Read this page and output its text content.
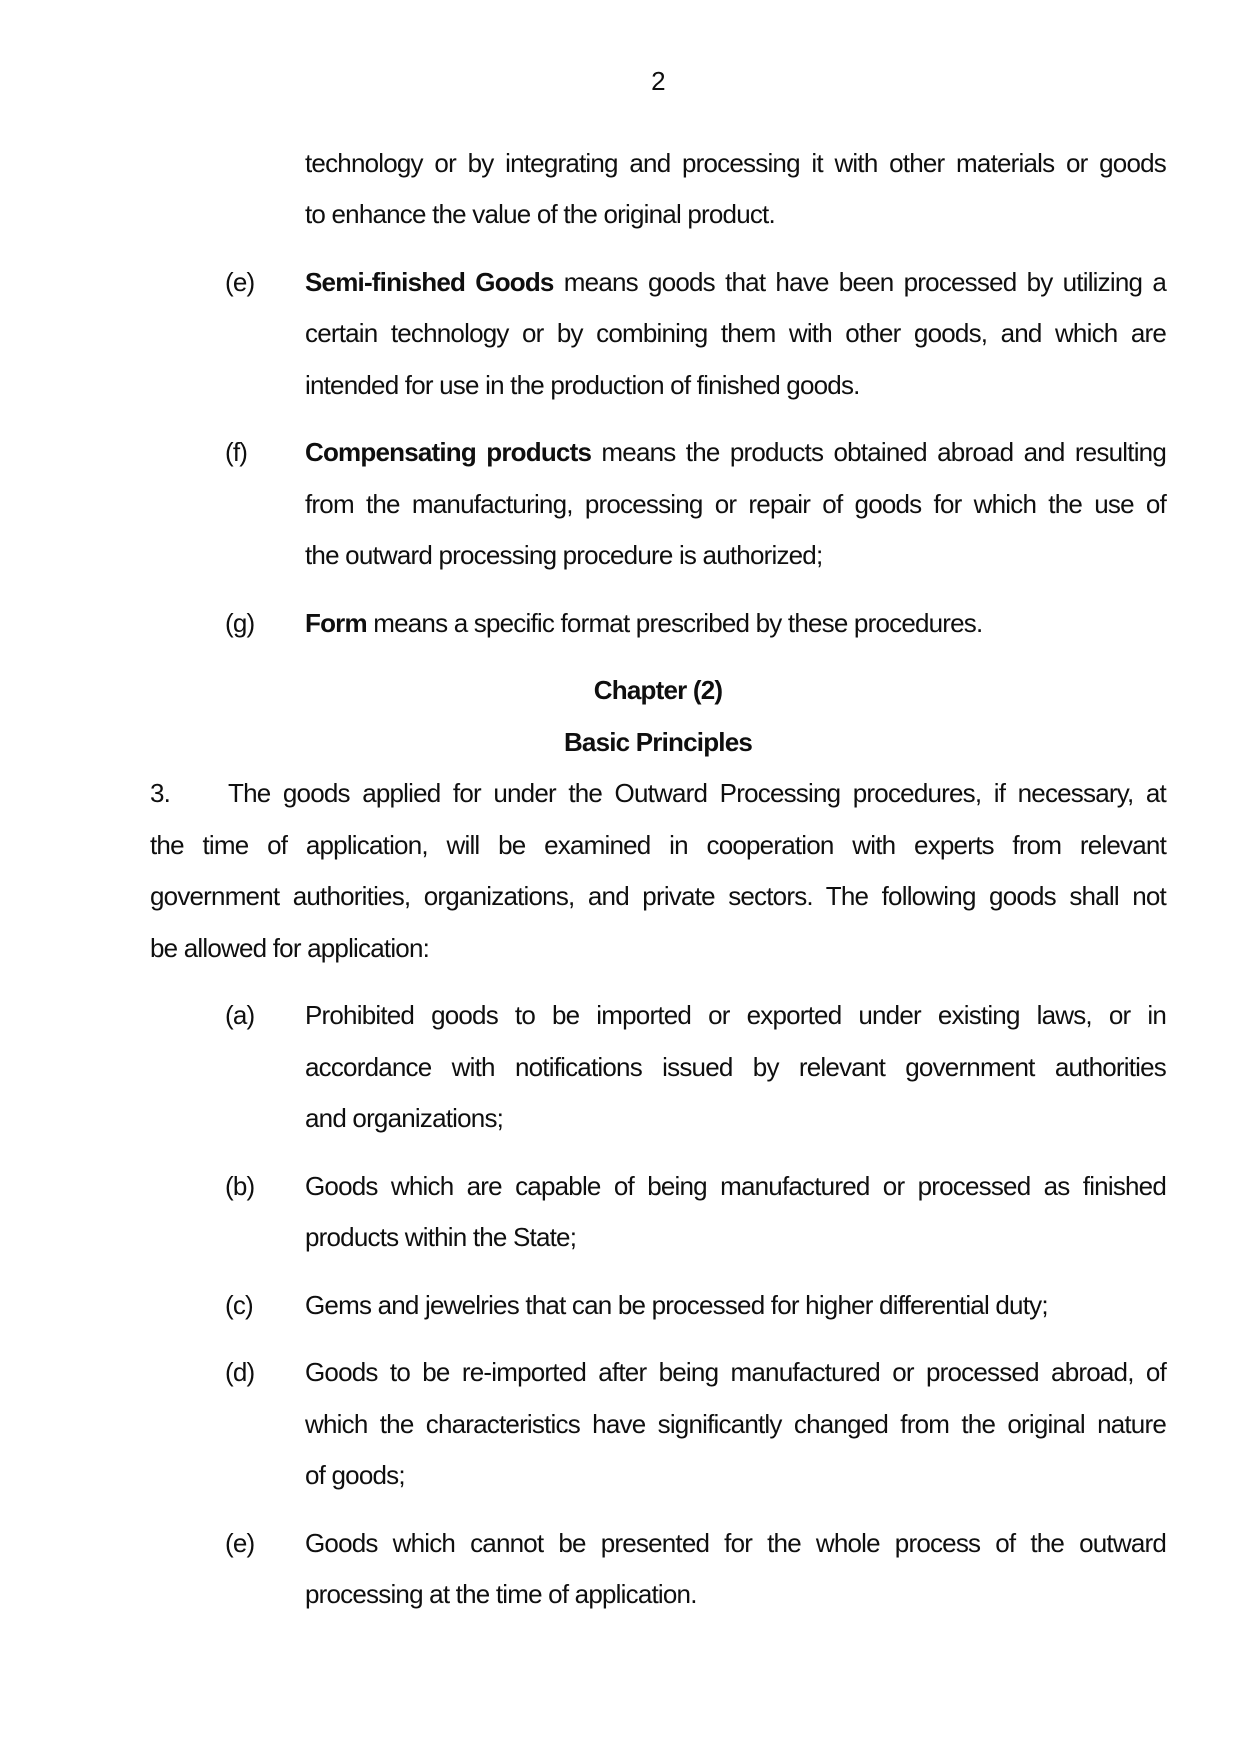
2
technology or by integrating and processing it with other materials or goods
to enhance the value of the original product.
(e)	Semi-finished Goods means goods that have been processed by utilizing a
certain technology or by combining them with other goods, and which are
intended for use in the production of finished goods.
(f)	Compensating products means the products obtained abroad and resulting
from the manufacturing, processing or repair of goods for which the use of
the outward processing procedure is authorized;
(g)	Form means a specific format prescribed by these procedures.
Chapter (2)
Basic Principles
3. The goods applied for under the Outward Processing procedures, if necessary, at
the time of application, will be examined in cooperation with experts from relevant
government authorities, organizations, and private sectors. The following goods shall not
be allowed for application:
(a)	Prohibited goods to be imported or exported under existing laws, or in
accordance with notifications issued by relevant government authorities
and organizations;
(b)	Goods which are capable of being manufactured or processed as finished
products within the State;
(c)	Gems and jewelries that can be processed for higher differential duty;
(d)	Goods to be re-imported after being manufactured or processed abroad, of
which the characteristics have significantly changed from the original nature
of goods;
(e)	Goods which cannot be presented for the whole process of the outward
processing at the time of application.
